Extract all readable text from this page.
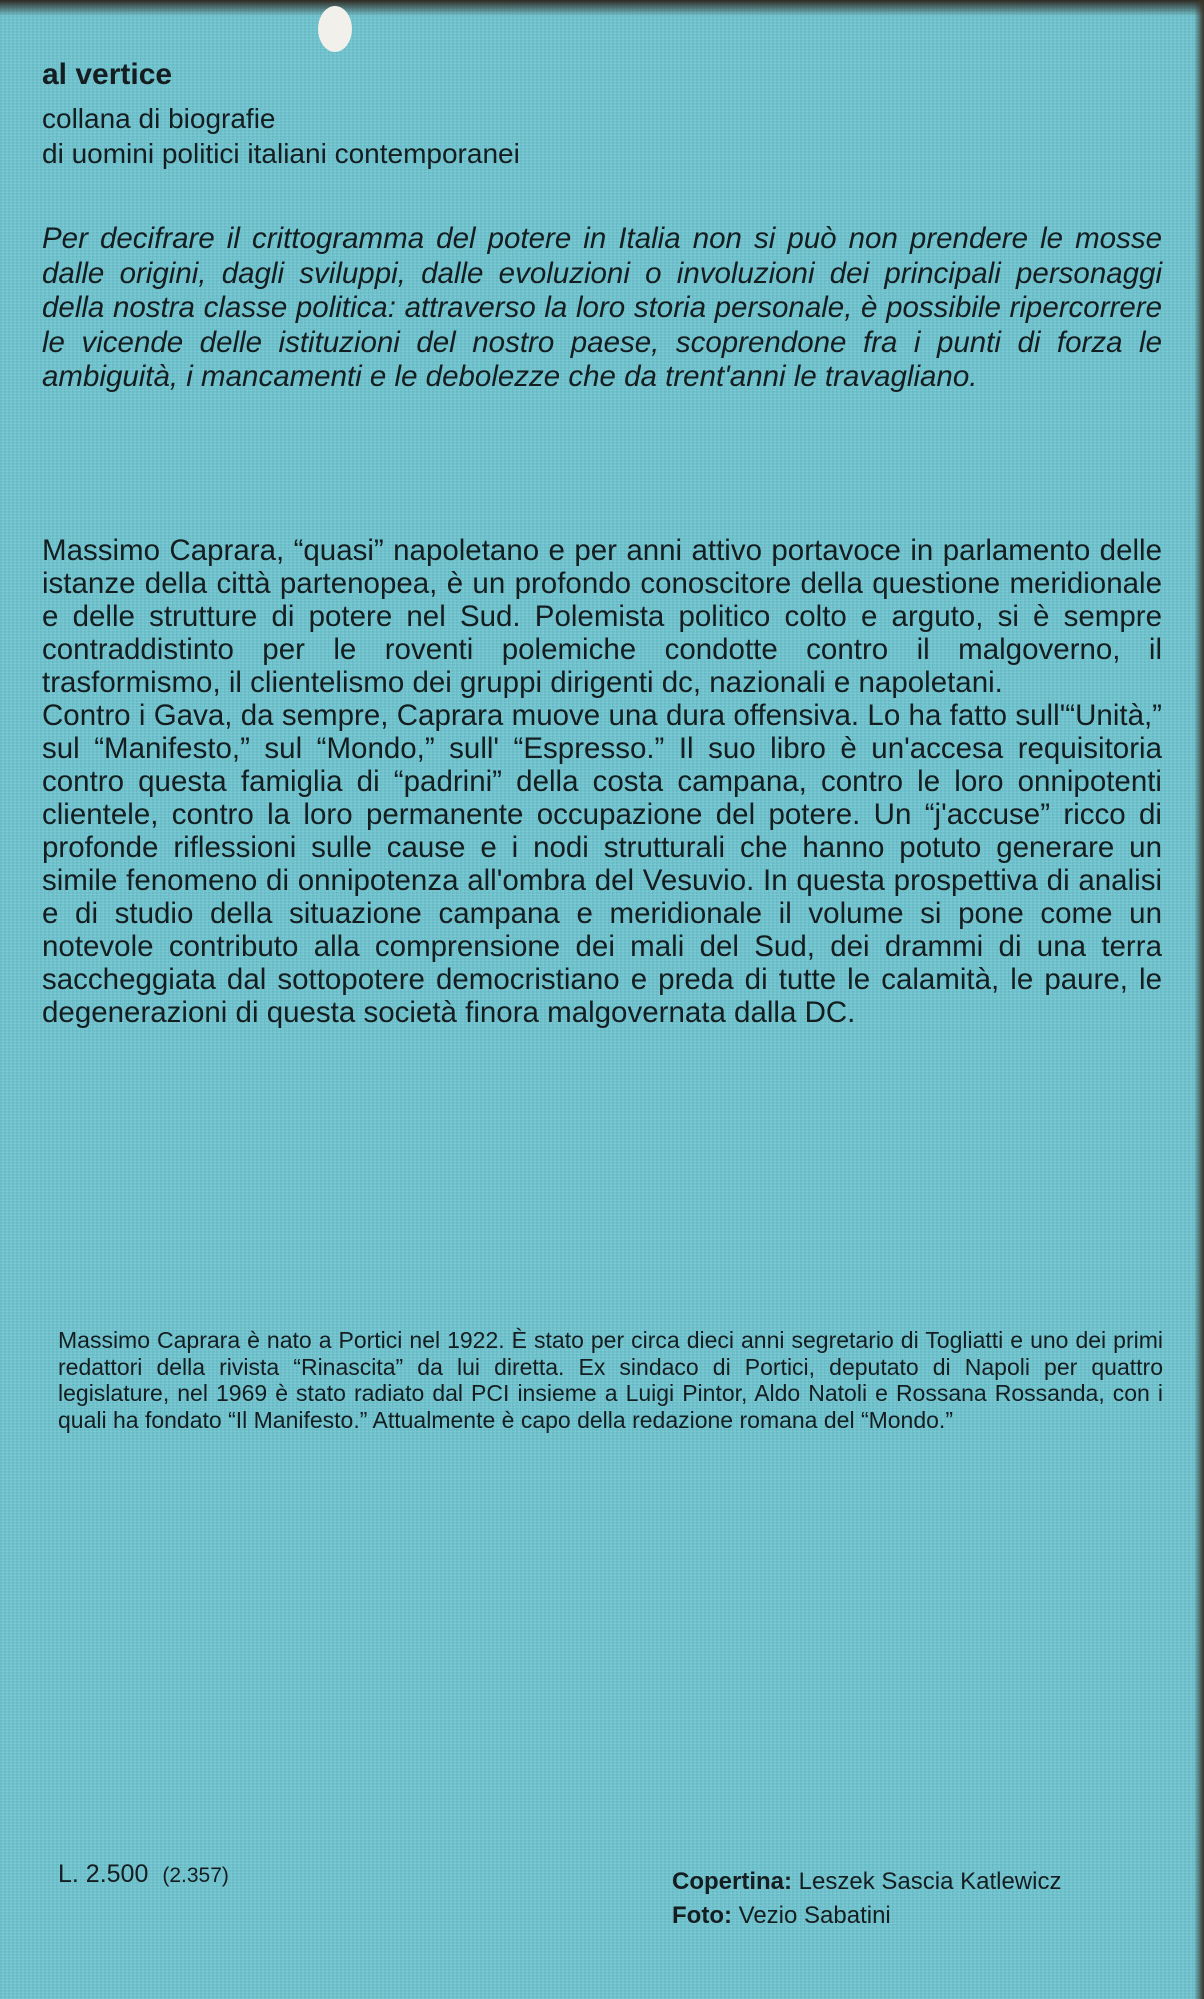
al vertice
collana di biografie
di uomini politici italiani contemporanei

Per decifrare il crittogramma del potere in Italia non si può non prendere le mosse dalle origini, dagli sviluppi, dalle evoluzioni o involuzioni dei principali personaggi della nostra classe politica: attraverso la loro storia personale, è possibile ripercorrere le vicende delle istituzioni del nostro paese, scoprendone fra i punti di forza le ambiguità, i mancamenti e le debolezze che da trent'anni le travagliano.

Massimo Caprara, “quasi” napoletano e per anni attivo portavoce in parlamento delle istanze della città partenopea, è un profondo conoscitore della questione meridionale e delle strutture di potere nel Sud. Polemista politico colto e arguto, si è sempre contraddistinto per le roventi polemiche condotte contro il malgoverno, il trasformismo, il clientelismo dei gruppi dirigenti dc, nazionali e napoletani.

Contro i Gava, da sempre, Caprara muove una dura offensiva. Lo ha fatto sull'“Unità,” sul “Manifesto,” sul “Mondo,” sull' “Espresso.” Il suo libro è un'accesa requisitoria contro questa famiglia di “padrini” della costa campana, contro le loro onnipotenti clientele, contro la loro permanente occupazione del potere. Un “j'accuse” ricco di profonde riflessioni sulle cause e i nodi strutturali che hanno potuto generare un simile fenomeno di onnipotenza all'ombra del Vesuvio. In questa prospettiva di analisi e di studio della situazione campana e meridionale il volume si pone come un notevole contributo alla comprensione dei mali del Sud, dei drammi di una terra saccheggiata dal sottopotere democristiano e preda di tutte le calamità, le paure, le degenerazioni di questa società finora malgovernata dalla DC.

Massimo Caprara è nato a Portici nel 1922. È stato per circa dieci anni segretario di Togliatti e uno dei primi redattori della rivista “Rinascita” da lui diretta. Ex sindaco di Portici, deputato di Napoli per quattro legislature, nel 1969 è stato radiato dal PCI insieme a Luigi Pintor, Aldo Natoli e Rossana Rossanda, con i quali ha fondato “Il Manifesto.” Attualmente è capo della redazione romana del “Mondo.”

L. 2.500 (2.357)	Copertina: Leszek Sascia Katlewicz
Foto: Vezio Sabatini
